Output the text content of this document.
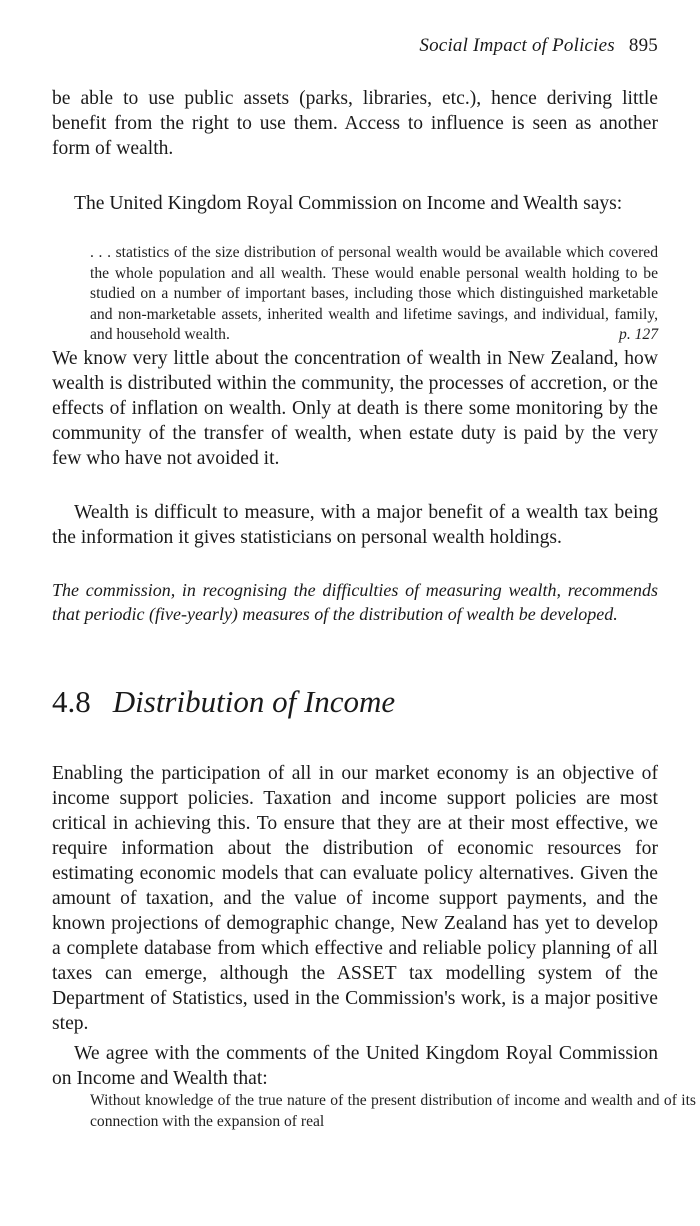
Social Impact of Policies 895

be able to use public assets (parks, libraries, etc.), hence deriving little benefit from the right to use them. Access to influence is seen as another form of wealth.

The United Kingdom Royal Commission on Income and Wealth says:

. . . statistics of the size distribution of personal wealth would be available which covered the whole population and all wealth. These would enable personal wealth holding to be studied on a number of important bases, including those which distinguished marketable and non-marketable assets, inherited wealth and lifetime savings, and individual, family, and household wealth.	p. 127

We know very little about the concentration of wealth in New Zealand, how wealth is distributed within the community, the processes of accretion, or the effects of inflation on wealth. Only at death is there some monitoring by the community of the transfer of wealth, when estate duty is paid by the very few who have not avoided it.

Wealth is difficult to measure, with a major benefit of a wealth tax being the information it gives statisticians on personal wealth holdings.

The commission, in recognising the difficulties of measuring wealth, recommends that periodic (five-yearly) measures of the distribution of wealth be developed.

4.8 Distribution of Income

Enabling the participation of all in our market economy is an objective of income support policies. Taxation and income support policies are most critical in achieving this. To ensure that they are at their most effective, we require information about the distribution of economic resources for estimating economic models that can evaluate policy alternatives. Given the amount of taxation, and the value of income support payments, and the known projections of demographic change, New Zealand has yet to develop a complete database from which effective and reliable policy planning of all taxes can emerge, although the ASSET tax modelling system of the Department of Statistics, used in the Commission's work, is a major positive step.

We agree with the comments of the United Kingdom Royal Commission on Income and Wealth that:

Without knowledge of the true nature of the present distribution of income and wealth and of its connection with the expansion of real
